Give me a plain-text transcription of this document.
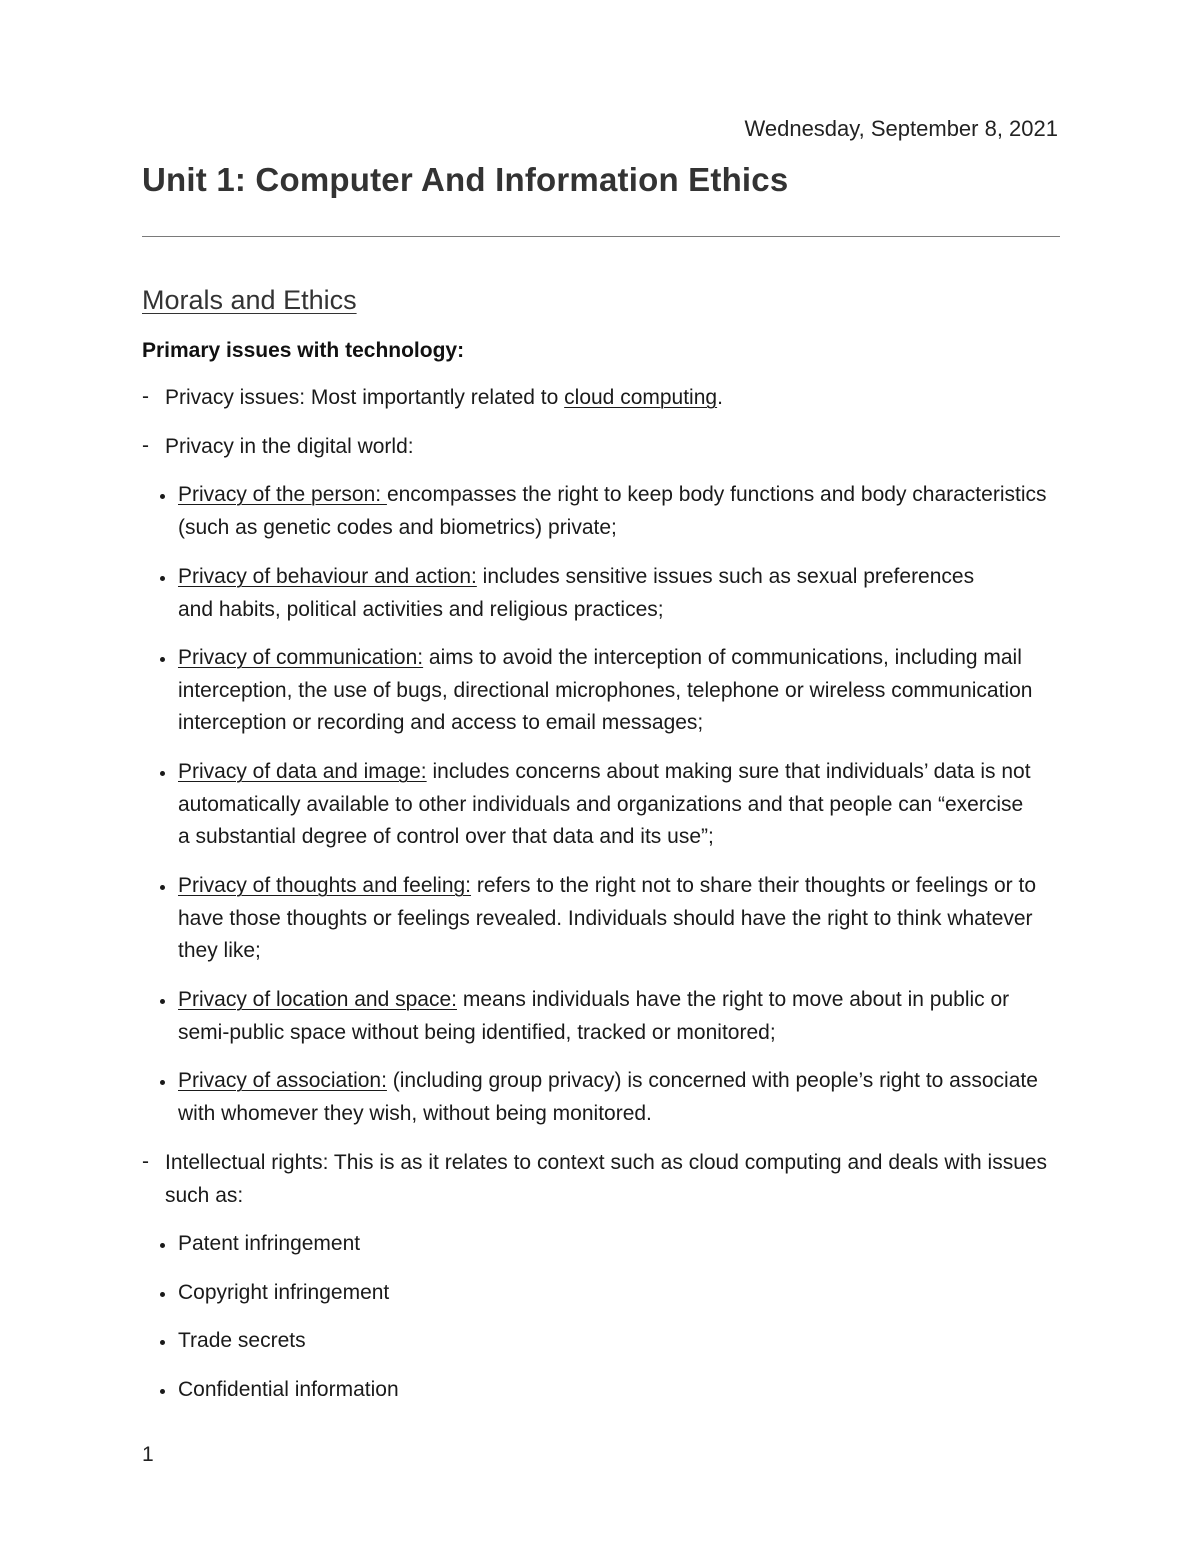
Wednesday, September 8, 2021
Unit 1: Computer And Information Ethics
Morals and Ethics
Primary issues with technology:
- Privacy issues: Most importantly related to cloud computing.
- Privacy in the digital world:
Privacy of the person: encompasses the right to keep body functions and body characteristics (such as genetic codes and biometrics) private;
Privacy of behaviour and action: includes sensitive issues such as sexual preferences and habits, political activities and religious practices;
Privacy of communication: aims to avoid the interception of communications, including mail interception, the use of bugs, directional microphones, telephone or wireless communication interception or recording and access to email messages;
Privacy of data and image: includes concerns about making sure that individuals’ data is not automatically available to other individuals and organizations and that people can “exercise a substantial degree of control over that data and its use”;
Privacy of thoughts and feeling: refers to the right not to share their thoughts or feelings or to have those thoughts or feelings revealed. Individuals should have the right to think whatever they like;
Privacy of location and space: means individuals have the right to move about in public or semi-public space without being identified, tracked or monitored;
Privacy of association: (including group privacy) is concerned with people’s right to associate with whomever they wish, without being monitored.
- Intellectual rights: This is as it relates to context such as cloud computing and deals with issues such as:
Patent infringement
Copyright infringement
Trade secrets
Confidential information
1
